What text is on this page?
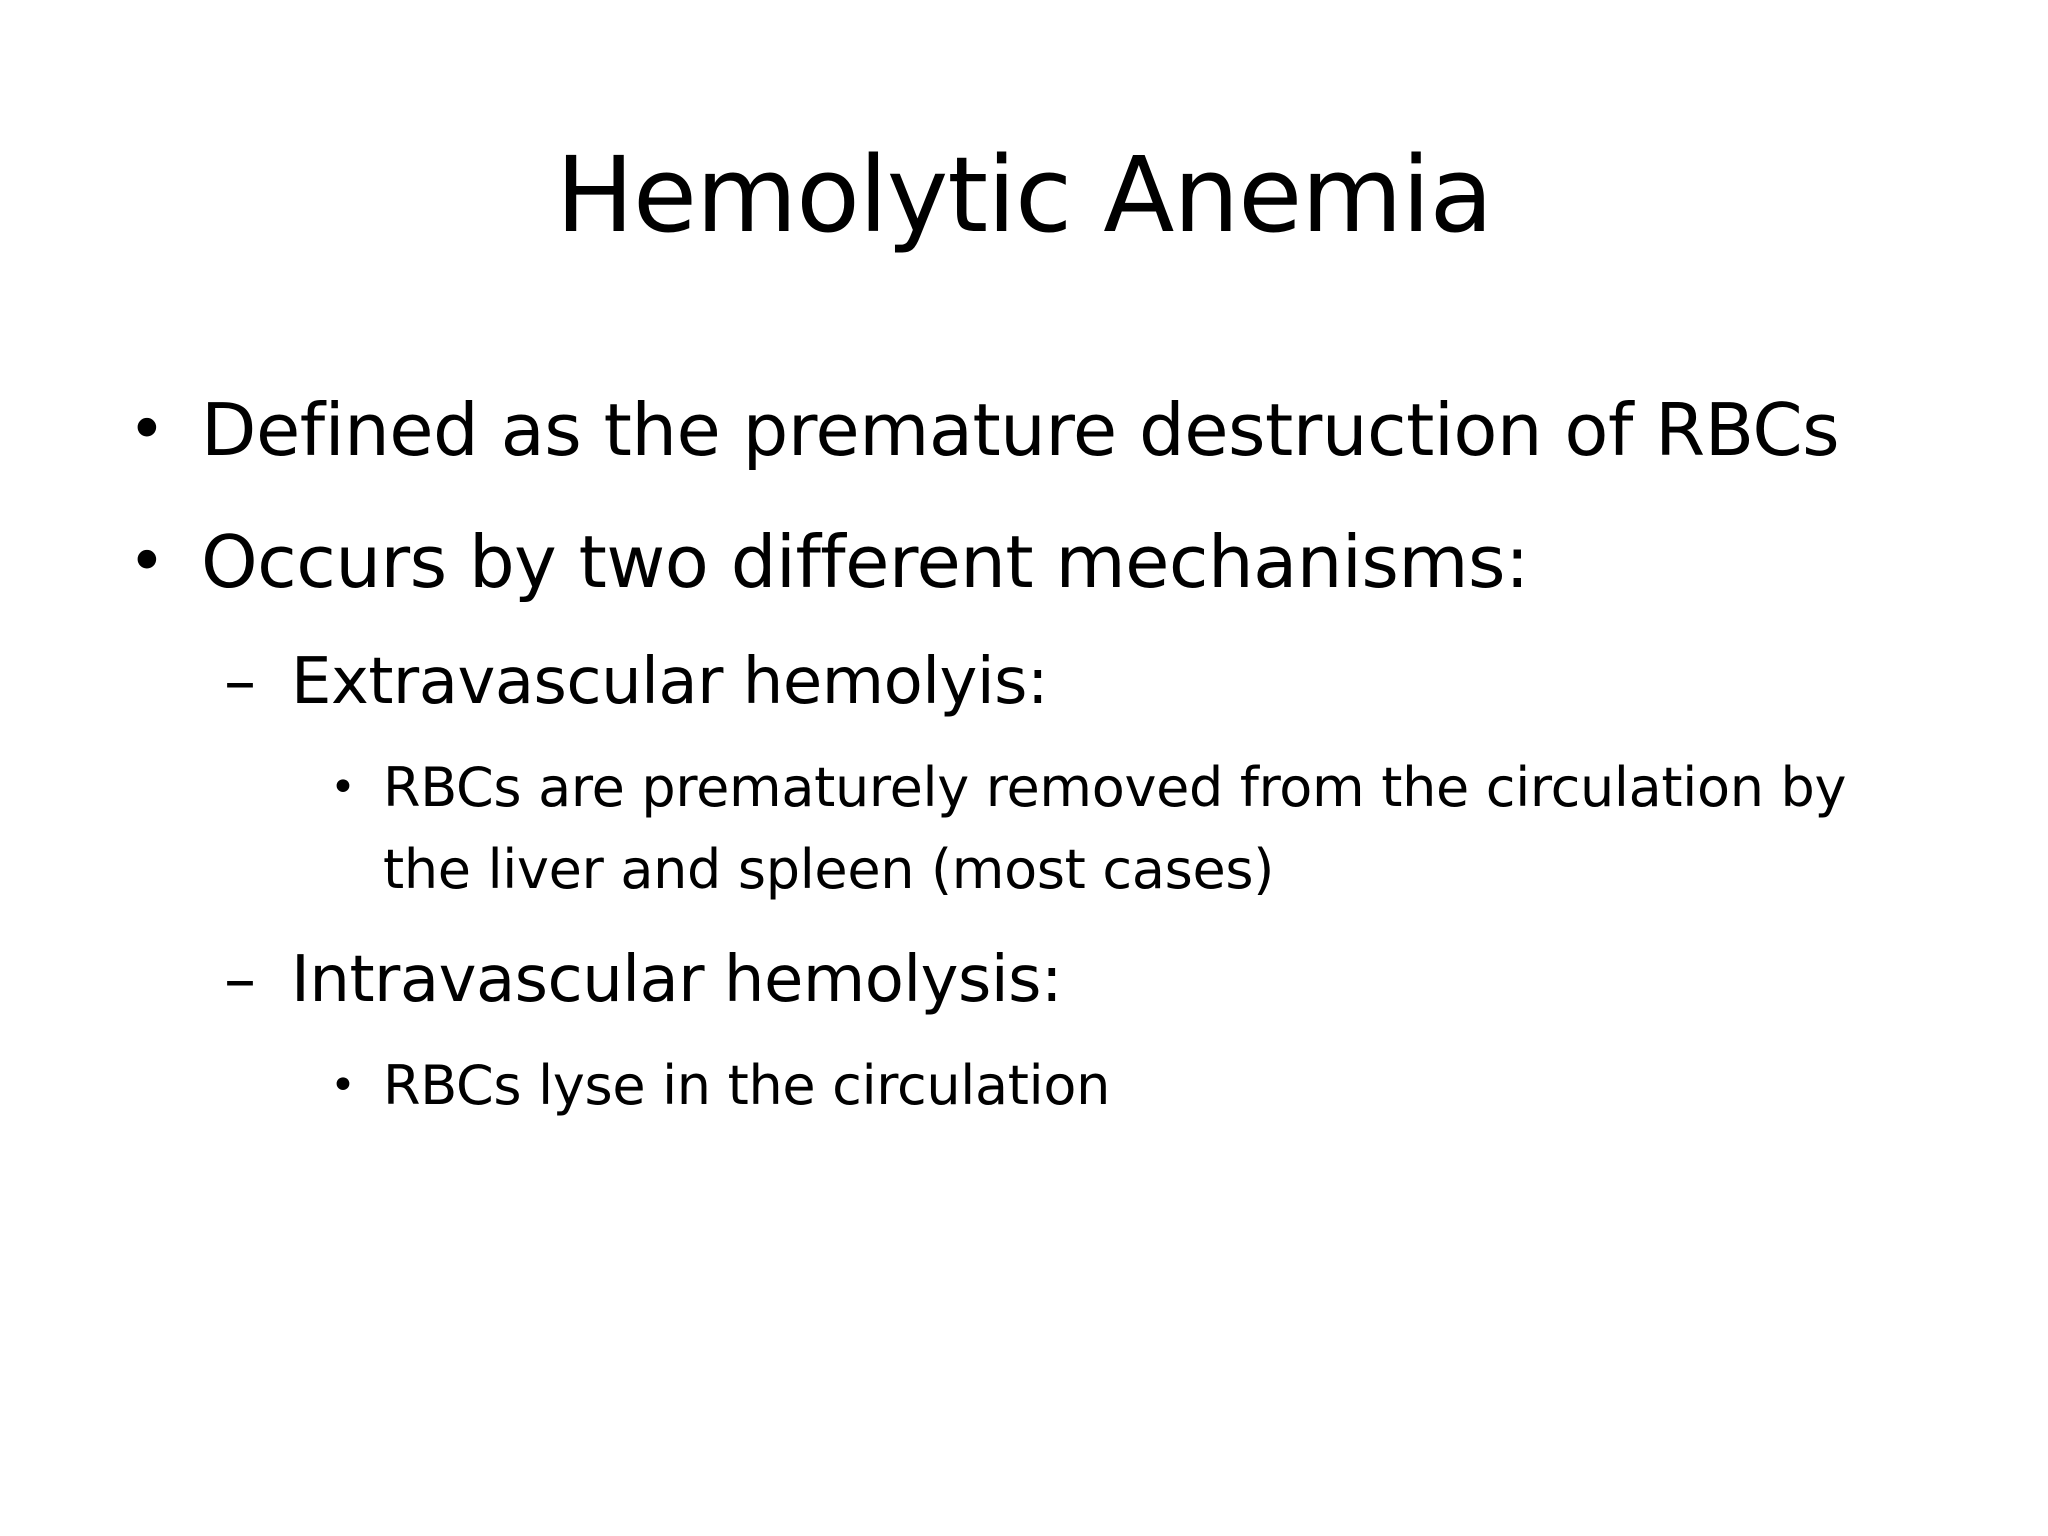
Hemolytic Anemia
• Defined as the premature destruction of RBCs
• Occurs by two different mechanisms:
– Extravascular hemolyis:
• RBCs are prematurely removed from the circulation by
the liver and spleen (most cases)
– Intravascular hemolysis:
• RBCs lyse in the circulation
